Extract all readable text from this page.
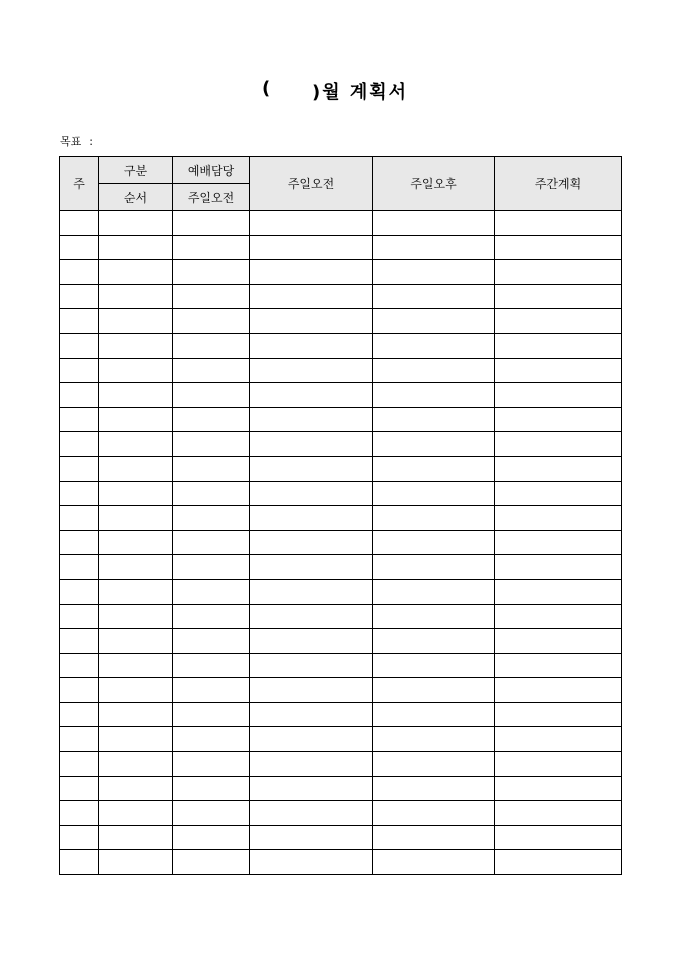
( )월 계획서
목표 :
주	구분	예배담당	주일오전	주일오후	주간계획
	순서	주일오전			
